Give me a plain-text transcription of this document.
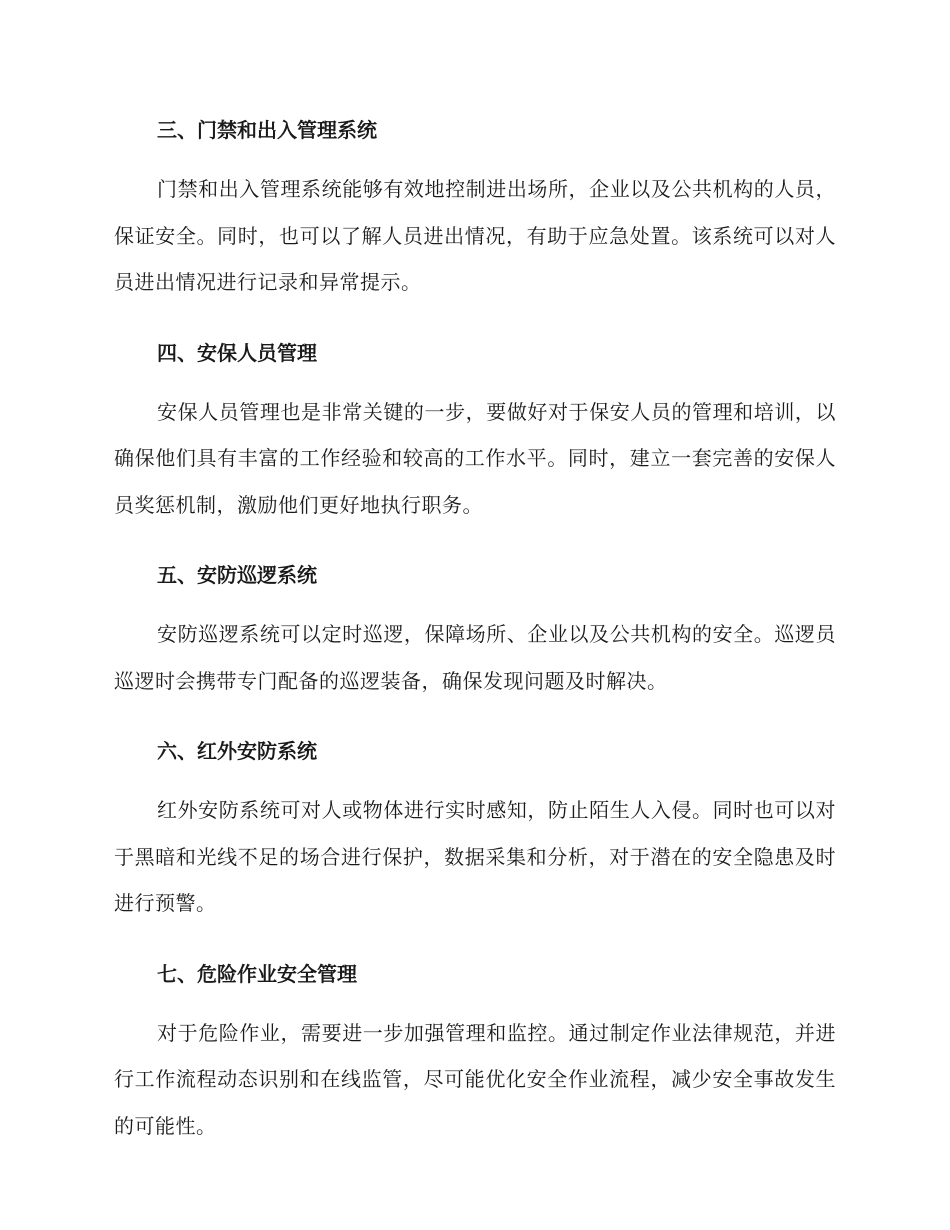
三、门禁和出入管理系统

门禁和出入管理系统能够有效地控制进出场所，企业以及公共机构的人员，保证安全。同时，也可以了解人员进出情况，有助于应急处置。该系统可以对人员进出情况进行记录和异常提示。

四、安保人员管理

安保人员管理也是非常关键的一步，要做好对于保安人员的管理和培训，以确保他们具有丰富的工作经验和较高的工作水平。同时，建立一套完善的安保人员奖惩机制，激励他们更好地执行职务。

五、安防巡逻系统

安防巡逻系统可以定时巡逻，保障场所、企业以及公共机构的安全。巡逻员巡逻时会携带专门配备的巡逻装备，确保发现问题及时解决。

六、红外安防系统

红外安防系统可对人或物体进行实时感知，防止陌生人入侵。同时也可以对于黑暗和光线不足的场合进行保护，数据采集和分析，对于潜在的安全隐患及时进行预警。

七、危险作业安全管理

对于危险作业，需要进一步加强管理和监控。通过制定作业法律规范，并进行工作流程动态识别和在线监管，尽可能优化安全作业流程，减少安全事故发生的可能性。
